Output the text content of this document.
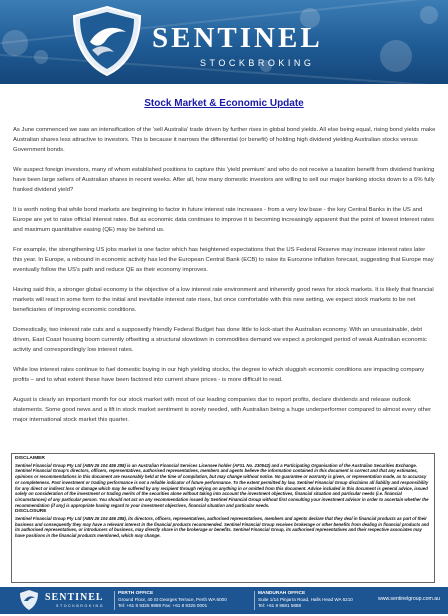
SENTINEL
STOCKBROKING
Stock Market & Economic Update

As June commenced we saw an intensification of the 'sell Australia' trade driven by further rises in global bond yields. All else being equal, rising bond yields make Australian shares less attractive to investors. This is because it narrows the differential (or benefit) of holding high dividend yielding Australian stocks versus Government bonds.

We suspect foreign investors, many of whom established positions to capture this 'yield premium' and who do not receive a taxation benefit from dividend franking have been large sellers of Australian shares in recent weeks. After all, how many domestic investors are willing to sell our major banking stocks down to a 6% fully franked dividend yield?

It is worth noting that while bond markets are beginning to factor in future interest rate increases - from a very low base - the key Central Banks in the US and Europe are yet to raise official interest rates. But as economic data continues to improve it is becoming increasingly apparent that the point of lowest interest rates and maximum quantitative easing (QE) may be behind us.

For example, the strengthening US jobs market is one factor which has heightened expectations that the US Federal Reserve may increase interest rates later this year. In Europe, a rebound in economic activity has led the European Central Bank (ECB) to raise its Eurozone inflation forecast, suggesting that Europe may eventually follow the US's path and reduce QE as their economy improves.

Having said this, a stronger global economy is the objective of a low interest rate environment and inherently good news for stock markets. It is likely that financial markets will react in some form to the initial and inevitable interest rate rises, but once comfortable with this new setting, we expect stock markets to be net beneficiaries of improving economic conditions.

Domestically, two interest rate cuts and a supposedly friendly Federal Budget has done little to kick-start the Australian economy. With an unsustainable, debt driven, East Coast housing boom currently offsetting a structural slowdown in commodities demand we expect a prolonged period of weak Australian economic activity and correspondingly low interest rates.

While low interest rates continue to fuel domestic buying in our high yielding stocks, the degree to which sluggish economic conditions are impacting company profits – and to what extent these have been factored into current share prices - is more difficult to read.

August is clearly an important month for our stock market with most of our leading companies due to report profits, declare dividends and release outlook statements. Some good news and a lift in stock market sentiment is sorely needed, with Australian being a huge underperformer compared to almost every other major international stock market this quarter.

DISCLAIMER

Sentinel Financial Group Pty Ltd (ABN 26 104 456 288) is an Australian Financial Services Licensee holder (AFSL No. 230542) and a Participating Organisation of the Australian Securities Exchange. Sentinel Financial Group's directors, officers, representatives, authorised representatives, members and agents believe the information contained in this document is correct and that any estimates, opinions or recommendations in this document are reasonably held at the time of compilation, but may change without notice. No guarantee or warranty is given, or representation made, as to accuracy or completeness. Past investment or trading performance is not a reliable indicator of future performance. To the extent permitted by law, Sentinel Financial Group disclaims all liability and responsibility for any direct or indirect loss or damage which may be suffered by any recipient through relying on anything in or omitted from this document. Advice included in this document is general advice, issued solely on consideration of the investment or trading merits of the securities alone without taking into account the investment objectives, financial situation and particular needs (i.e. financial circumstances) of any particular person. You should not act on any recommendation issued by Sentinel Financial Group without first consulting your investment advisor in order to ascertain whether the recommendation (if any) is appropriate having regard to your investment objectives, financial situation and particular needs.

DISCLOSURE

Sentinel Financial Group Pty Ltd (ABN 26 104 456 288), its directors, officers, representatives, authorised representatives, members and agents declare that they deal in financial products as part of their business and consequently they may have a relevant interest in the financial products recommended. Sentinel Financial Group receives brokerage or other benefits from dealing in financial products and its authorised representatives, or introducers of business, may directly share in the brokerage or benefits. Sentinel Financial Group, its authorised representatives and their respective associates may have positions in the financial products mentioned, which may change.

SENTINEL
STOCKBROKING
PERTH OFFICE
Ground Floor, 40 St Georges Terrace, Perth WA 6000
Tel: +61 8 9325 9888 Fax: +61 8 9325 0001
MANDURAH OFFICE
Suite 1/14 Pinjarra Road, Halls Head WA 6210
Tel: +61 8 9581 5888
www.sentinelgroup.com.au
